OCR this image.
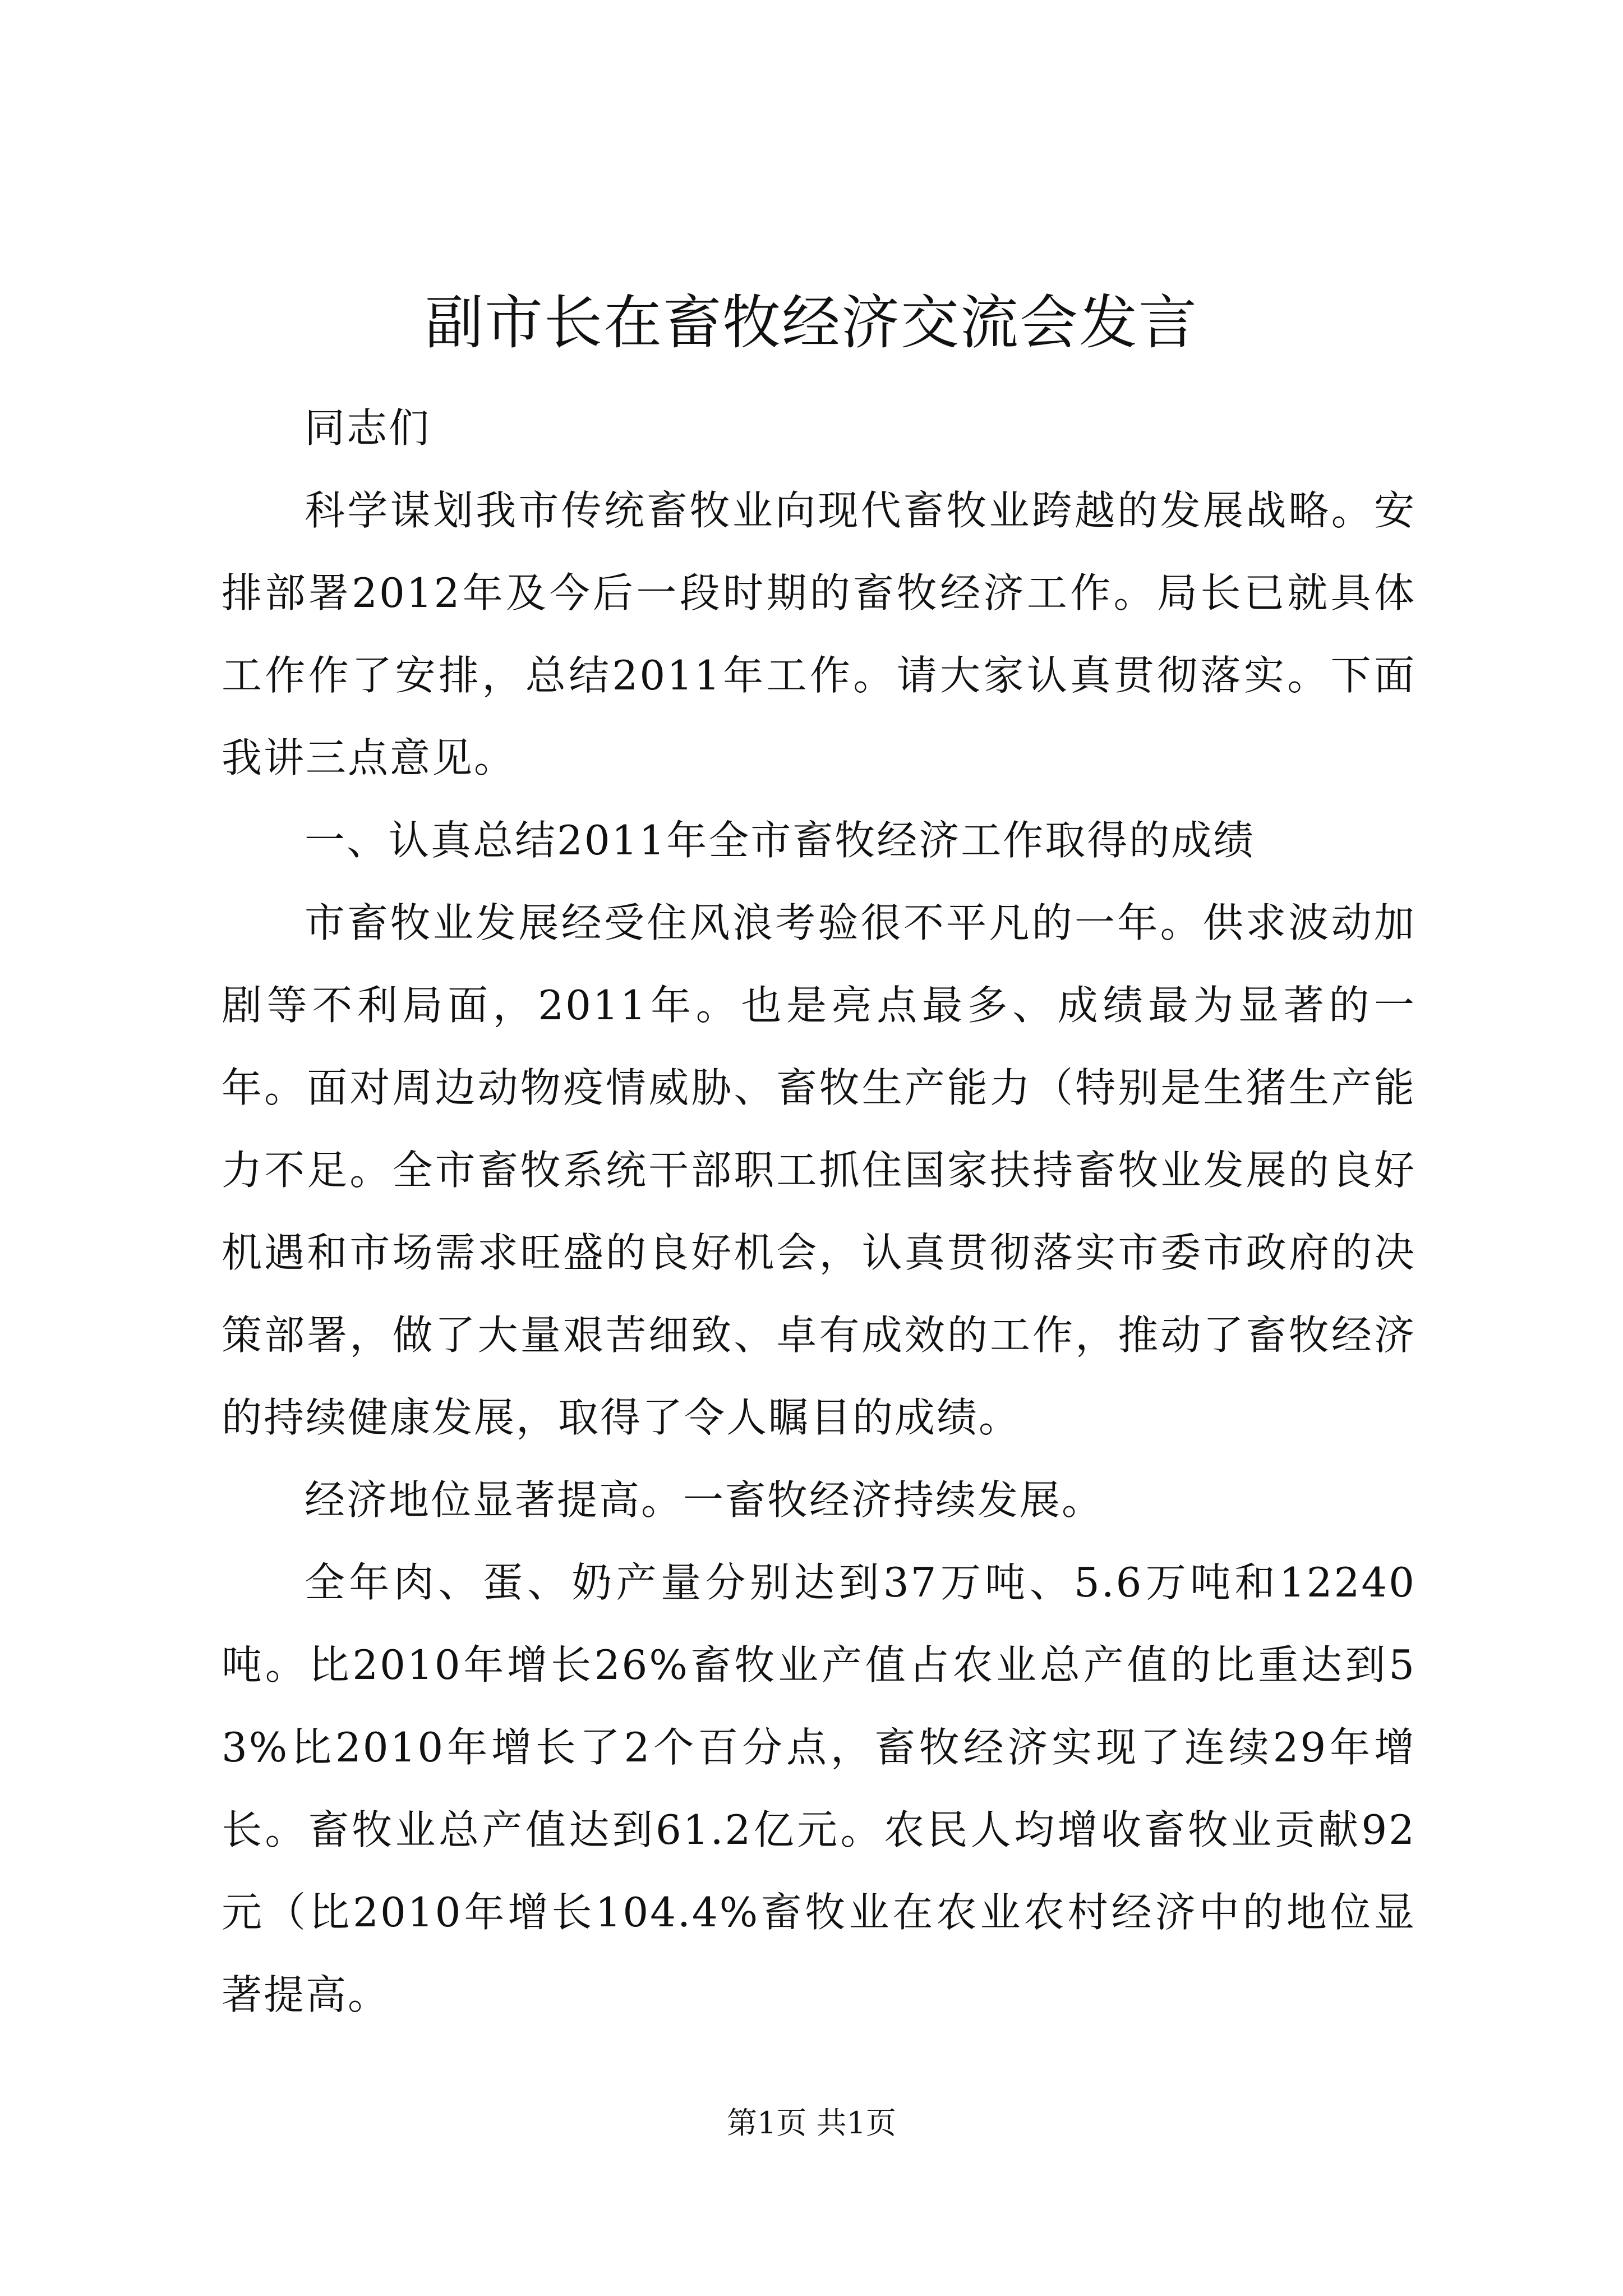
副市长在畜牧经济交流会发言

同志们

科学谋划我市传统畜牧业向现代畜牧业跨越的发展战略。安排部署2012年及今后一段时期的畜牧经济工作。局长已就具体工作作了安排，总结2011年工作。请大家认真贯彻落实。下面我讲三点意见。

一、认真总结2011年全市畜牧经济工作取得的成绩

市畜牧业发展经受住风浪考验很不平凡的一年。供求波动加剧等不利局面，2011年。也是亮点最多、成绩最为显著的一年。面对周边动物疫情威胁、畜牧生产能力（特别是生猪生产能力不足。全市畜牧系统干部职工抓住国家扶持畜牧业发展的良好机遇和市场需求旺盛的良好机会，认真贯彻落实市委市政府的决策部署，做了大量艰苦细致、卓有成效的工作，推动了畜牧经济的持续健康发展，取得了令人瞩目的成绩。

经济地位显著提高。一畜牧经济持续发展。

全年肉、蛋、奶产量分别达到37万吨、5.6万吨和12240吨。比2010年增长26%畜牧业产值占农业总产值的比重达到53%比2010年增长了2个百分点，畜牧经济实现了连续29年增长。畜牧业总产值达到61.2亿元。农民人均增收畜牧业贡献92元（比2010年增长104.4%畜牧业在农业农村经济中的地位显著提高。

第1页 共1页
